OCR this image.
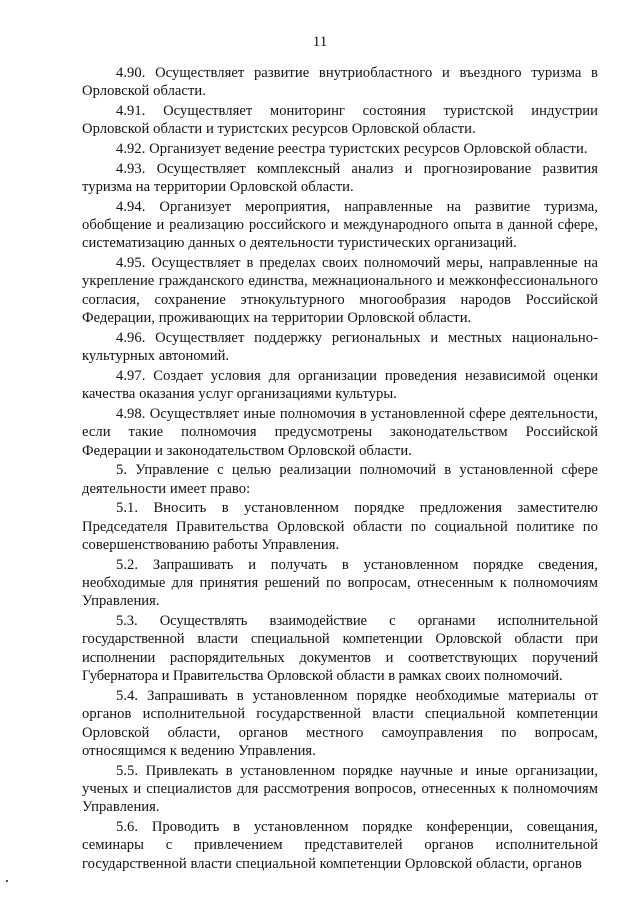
11

4.90. Осуществляет развитие внутриобластного и въездного туризма в Орловской области.

4.91. Осуществляет мониторинг состояния туристской индустрии Орловской области и туристских ресурсов Орловской области.

4.92. Организует ведение реестра туристских ресурсов Орловской области.

4.93. Осуществляет комплексный анализ и прогнозирование развития туризма на территории Орловской области.

4.94. Организует мероприятия, направленные на развитие туризма, обобщение и реализацию российского и международного опыта в данной сфере, систематизацию данных о деятельности туристических организаций.

4.95. Осуществляет в пределах своих полномочий меры, направленные на укрепление гражданского единства, межнационального и межконфессионального согласия, сохранение этнокультурного многообразия народов Российской Федерации, проживающих на территории Орловской области.

4.96. Осуществляет поддержку региональных и местных национально-культурных автономий.

4.97. Создает условия для организации проведения независимой оценки качества оказания услуг организациями культуры.

4.98. Осуществляет иные полномочия в установленной сфере деятельности, если такие полномочия предусмотрены законодательством Российской Федерации и законодательством Орловской области.

5. Управление с целью реализации полномочий в установленной сфере деятельности имеет право:

5.1. Вносить в установленном порядке предложения заместителю Председателя Правительства Орловской области по социальной политике по совершенствованию работы Управления.

5.2. Запрашивать и получать в установленном порядке сведения, необходимые для принятия решений по вопросам, отнесенным к полномочиям Управления.

5.3. Осуществлять взаимодействие с органами исполнительной государственной власти специальной компетенции Орловской области при исполнении распорядительных документов и соответствующих поручений Губернатора и Правительства Орловской области в рамках своих полномочий.

5.4. Запрашивать в установленном порядке необходимые материалы от органов исполнительной государственной власти специальной компетенции Орловской области, органов местного самоуправления по вопросам, относящимся к ведению Управления.

5.5. Привлекать в установленном порядке научные и иные организации, ученых и специалистов для рассмотрения вопросов, отнесенных к полномочиям Управления.

5.6. Проводить в установленном порядке конференции, совещания, семинары с привлечением представителей органов исполнительной государственной власти специальной компетенции Орловской области, органов
